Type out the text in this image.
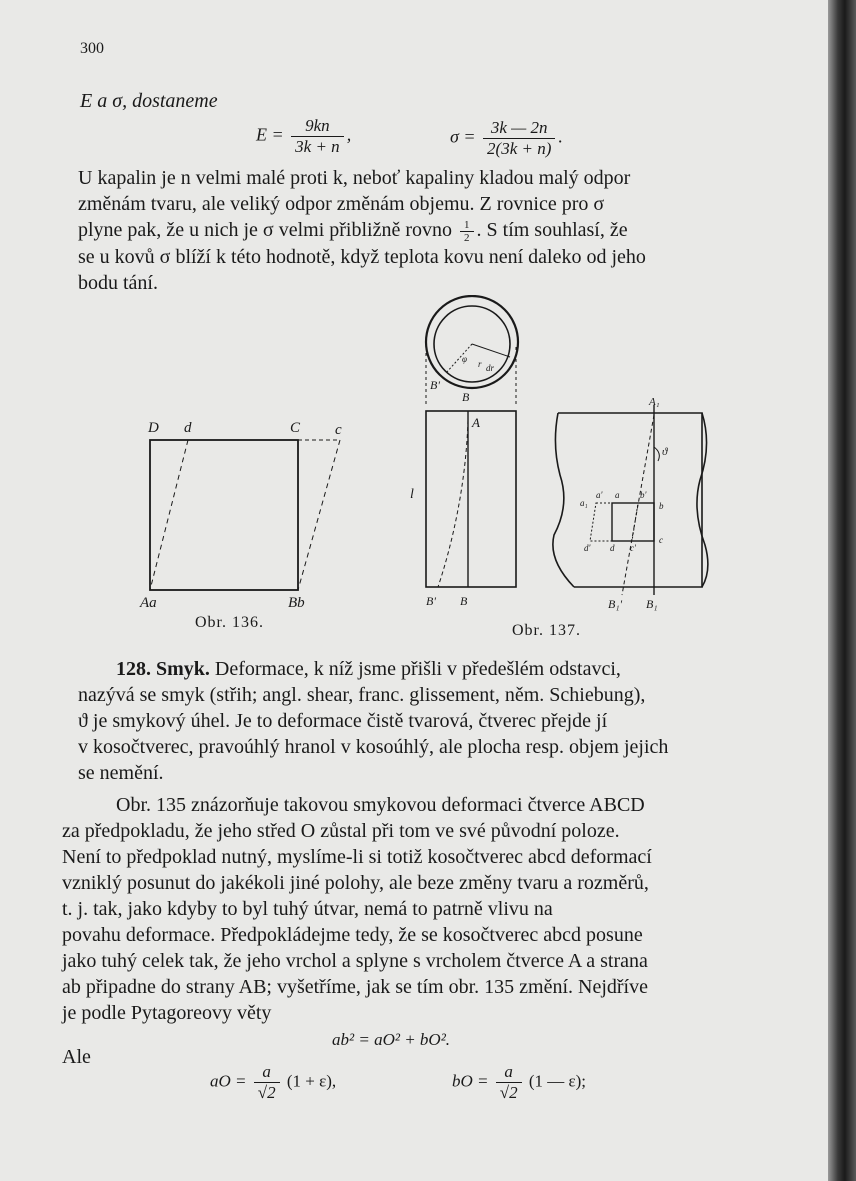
300
E a σ, dostaneme
$E = \frac{9kn}{3k + n}$ ,	$\sigma = \frac{3k — 2n}{2(3k + n)}$ .
U kapalin je n velmi malé proti k, neboť kapaliny kladou malý odpor
změnám tvaru, ale veliký odpor změnám objemu. Z rovnice pro σ
plyne pak, že u nich je σ velmi přibližně rovno $\frac{1}{2}$ . S tím souhlasí, že
se u kovů σ blíží k této hodnotě, když teplota kovu není daleko od jeho
bodu tání.
D d	C c
Aa	Bb
Obr. 136.
φ r dr
B'
B
A
l
B' B
A₁
ϑ
a₁
a' a b'
b
c
d' d c'
B₁' B₁
Obr. 137.
128. Smyk. Deformace, k níž jsme přišli v předešlém odstavci,
nazývá se smyk (střih; angl. shear, franc. glissement, něm. Schiebung),
ϑ je smykový úhel. Je to deformace čistě tvarová, čtverec přejde jí
v kosočtverec, pravoúhlý hranol v kosoúhlý, ale plocha resp. objem jejich
se nemění.
Obr. 135 znázorňuje takovou smykovou deformaci čtverce ABCD
za předpokladu, že jeho střed O zůstal při tom ve své původní poloze.
Není to předpoklad nutný, myslíme-li si totiž kosočtverec abcd deformací
vzniklý posunut do jakékoli jiné polohy, ale beze změny tvaru a rozměrů,
t. j. tak, jako kdyby to byl tuhý útvar, nemá to patrně vlivu na
povahu deformace. Předpokládejme tedy, že se kosočtverec abcd posune
jako tuhý celek tak, že jeho vrchol a splyne s vrcholem čtverce A a strana
ab připadne do strany AB; vyšetříme, jak se tím obr. 135 změní. Nejdříve
je podle Pytagoreovy věty
ab² = aO² + bO².
Ale
aO = $\frac{a}{√2} (1 + \varepsilon)$,	bO = $\frac{a}{√2} (1$ — ε);
